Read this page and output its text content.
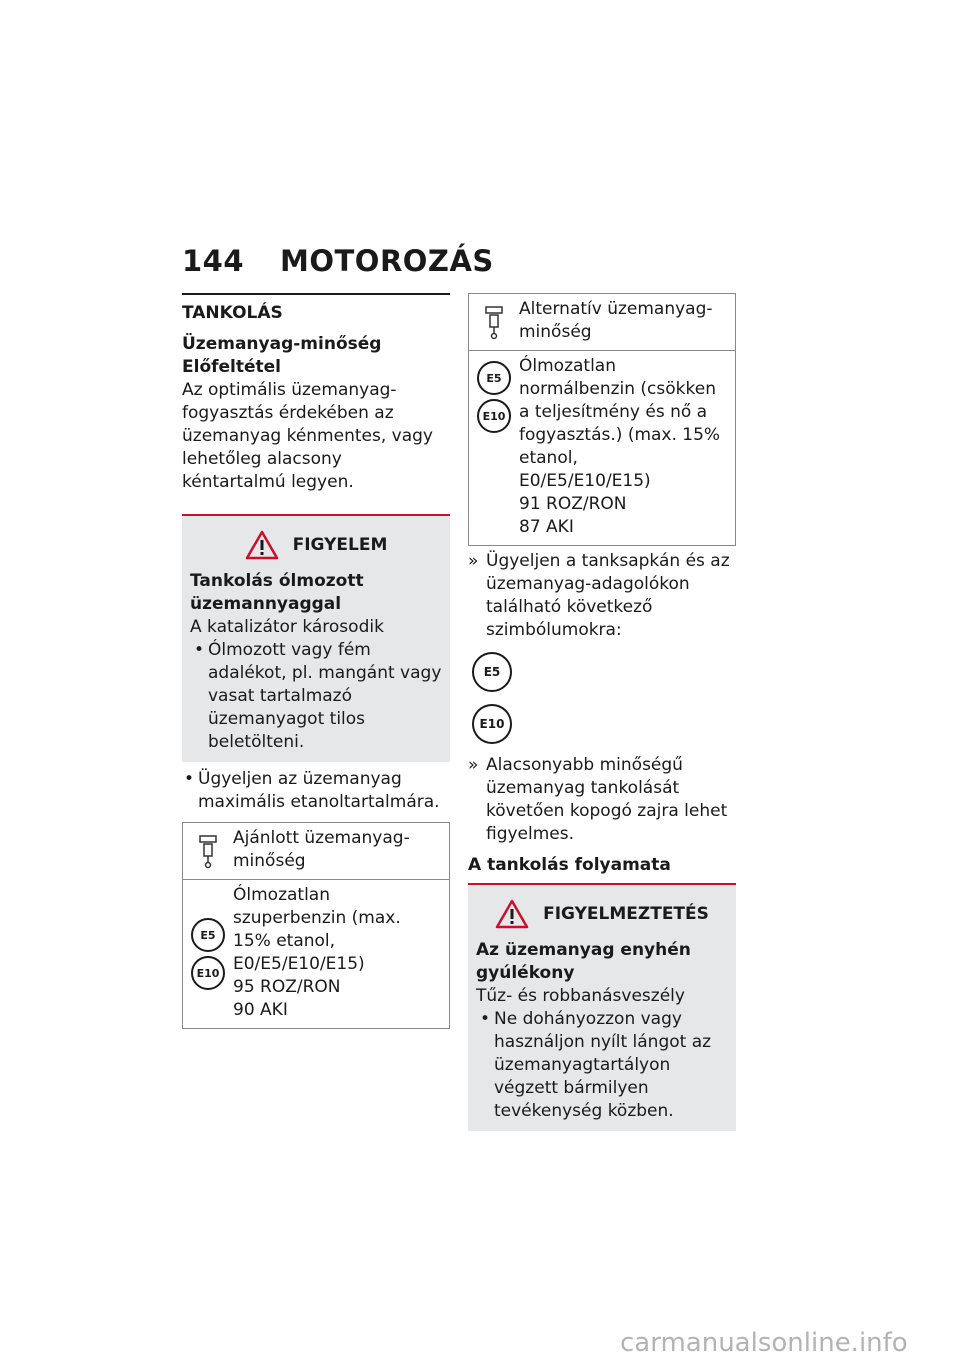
144 MOTOROZÁS
TANKOLÁS
Üzemanyag-minőség
Előfeltétel
Az optimális üzemanyag-fogyasztás érdekében az üzemanyag kénmentes, vagy lehetőleg alacsony kéntartalmú legyen.
FIGYELEM
Tankolás ólmozott üzemannyaggal
A katalizátor károsodik
• Ólmozott vagy fém adalékot, pl. mangánt vagy vasat tartalmazó üzemanyagot tilos beletölteni.
• Ügyeljen az üzemanyag maximális etanoltartalmára.
Ajánlott üzemanyag-minőség
E5
E10
Ólmozatlan szuperbenzin (max. 15% etanol,
E0/E5/E10/E15)
95 ROZ/RON
90 AKI
Alternatív üzemanyag-minőség
E5
E10
Ólmozatlan normálbenzin (csökken a teljesítmény és nő a fogyasztás.) (max. 15% etanol,
E0/E5/E10/E15)
91 ROZ/RON
87 AKI
» Ügyeljen a tanksapkán és az üzemanyag-adagolókon található következő szimbólumokra:
E5
E10
» Alacsonyabb minőségű üzemanyag tankolását követően kopogó zajra lehet figyelmes.
A tankolás folyamata
FIGYELMEZTETÉS
Az üzemanyag enyhén gyúlékony
Tűz- és robbanásveszély
• Ne dohányozzon vagy használjon nyílt lángot az üzemanyagtartályon végzett bármilyen tevékenység közben.
carmanualsonline.info
